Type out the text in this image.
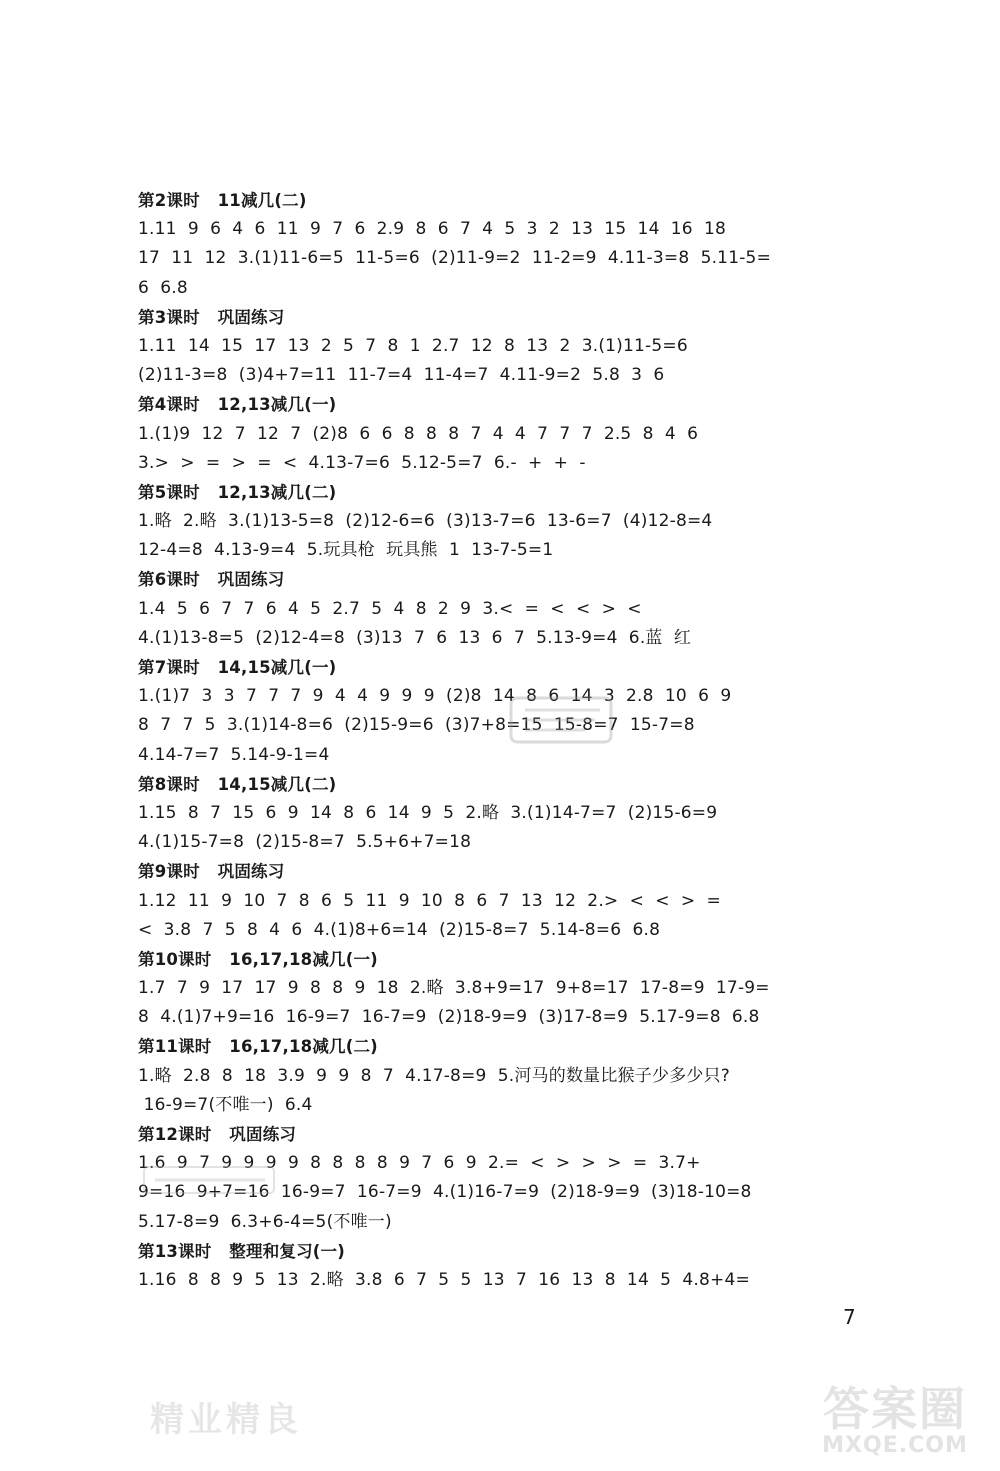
第2课时   11减几(二)
1.11  9  6  4  6  11  9  7  6  2.9  8  6  7  4  5  3  2  13  15  14  16  18
17  11  12  3.(1)11-6=5  11-5=6  (2)11-9=2  11-2=9  4.11-3=8  5.11-5=
6  6.8
第3课时   巩固练习
1.11  14  15  17  13  2  5  7  8  1  2.7  12  8  13  2  3.(1)11-5=6
(2)11-3=8  (3)4+7=11  11-7=4  11-4=7  4.11-9=2  5.8  3  6
第4课时   12,13减几(一)
1.(1)9  12  7  12  7  (2)8  6  6  8  8  8  7  4  4  7  7  7  2.5  8  4  6
3.>  >  =  >  =  <  4.13-7=6  5.12-5=7  6.-  +  +  -
第5课时   12,13减几(二)
1.略  2.略  3.(1)13-5=8  (2)12-6=6  (3)13-7=6  13-6=7  (4)12-8=4
12-4=8  4.13-9=4  5.玩具枪  玩具熊  1  13-7-5=1
第6课时   巩固练习
1.4  5  6  7  7  6  4  5  2.7  5  4  8  2  9  3.<  =  <  <  >  <
4.(1)13-8=5  (2)12-4=8  (3)13  7  6  13  6  7  5.13-9=4  6.蓝  红
第7课时   14,15减几(一)
1.(1)7  3  3  7  7  7  9  4  4  9  9  9  (2)8  14  8  6  14  3  2.8  10  6  9
8  7  7  5  3.(1)14-8=6  (2)15-9=6  (3)7+8=15  15-8=7  15-7=8
4.14-7=7  5.14-9-1=4
第8课时   14,15减几(二)
1.15  8  7  15  6  9  14  8  6  14  9  5  2.略  3.(1)14-7=7  (2)15-6=9
4.(1)15-7=8  (2)15-8=7  5.5+6+7=18
第9课时   巩固练习
1.12  11  9  10  7  8  6  5  11  9  10  8  6  7  13  12  2.>  <  <  >  =
<  3.8  7  5  8  4  6  4.(1)8+6=14  (2)15-8=7  5.14-8=6  6.8
第10课时   16,17,18减几(一)
1.7  7  9  17  17  9  8  8  9  18  2.略  3.8+9=17  9+8=17  17-8=9  17-9=
8  4.(1)7+9=16  16-9=7  16-7=9  (2)18-9=9  (3)17-8=9  5.17-9=8  6.8
第11课时   16,17,18减几(二)
1.略  2.8  8  18  3.9  9  9  8  7  4.17-8=9  5.河马的数量比猴子少多少只?
16-9=7(不唯一)  6.4
第12课时   巩固练习
1.6  9  7  9  9  9  9  8  8  8  8  9  7  6  9  2.=  <  >  >  >  =  3.7+
9=16  9+7=16  16-9=7  16-7=9  4.(1)16-7=9  (2)18-9=9  (3)18-10=8
5.17-8=9  6.3+6-4=5(不唯一)
第13课时   整理和复习(一)
1.16  8  8  9  5  13  2.略  3.8  6  7  5  5  13  7  16  13  8  14  5  4.8+4=
7
精业精良	答案圈
MXQE.COM
